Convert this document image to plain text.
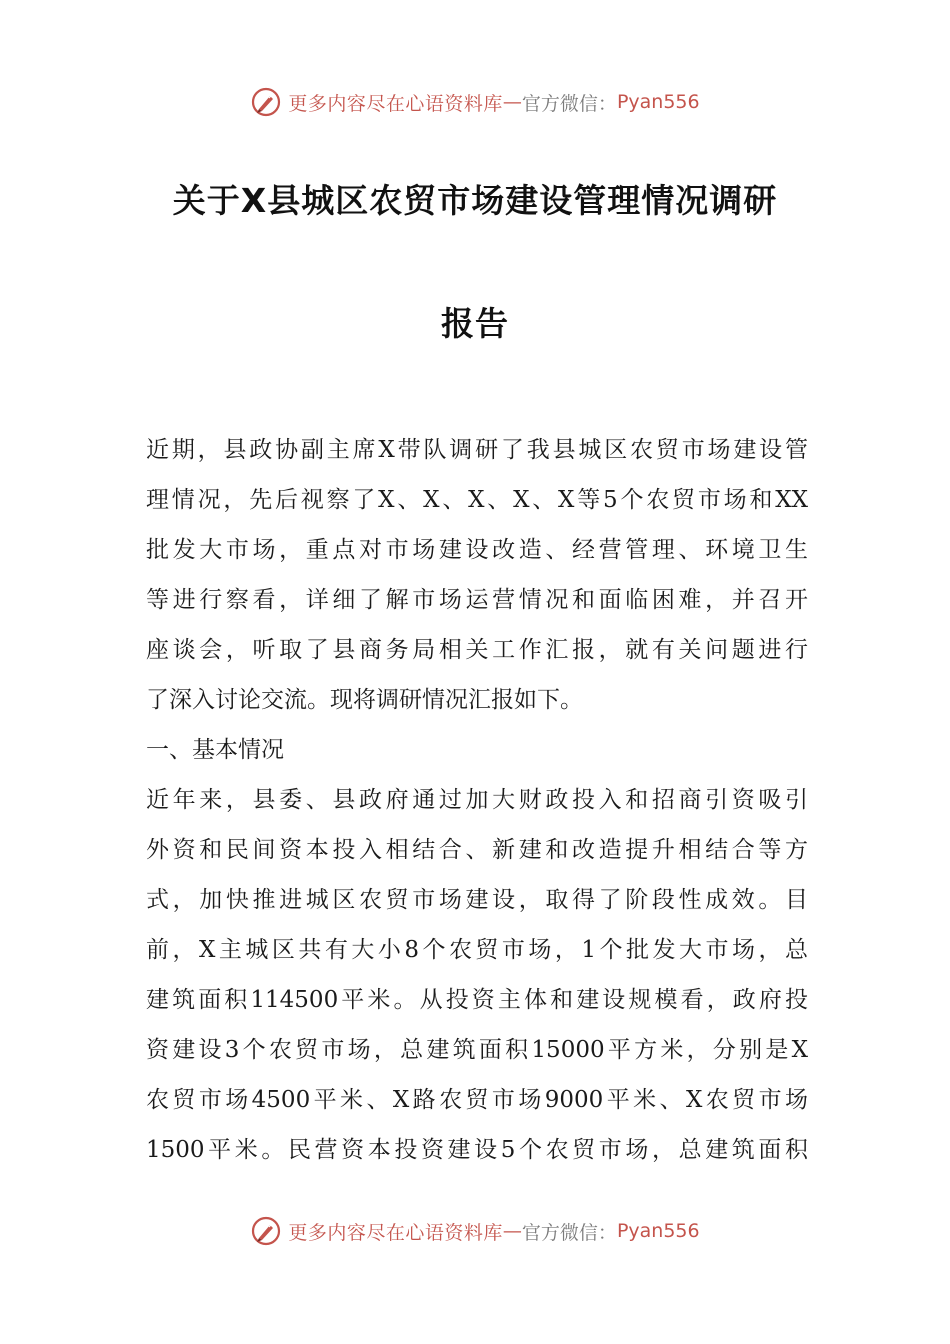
更多内容尽在心语资料库 — 官方微信： Pyan556
关于X县城区农贸市场建设管理情况调研
报告
近期，县政协副主席X带队调研了我县城区农贸市场建设管
理情况，先后视察了X、X、X、X、X等5个农贸市场和XX
批发大市场，重点对市场建设改造、经营管理、环境卫生
等进行察看，详细了解市场运营情况和面临困难，并召开
座谈会，听取了县商务局相关工作汇报，就有关问题进行
了深入讨论交流。现将调研情况汇报如下。
一、基本情况
近年来，县委、县政府通过加大财政投入和招商引资吸引
外资和民间资本投入相结合、新建和改造提升相结合等方
式，加快推进城区农贸市场建设，取得了阶段性成效。目
前，X主城区共有大小8个农贸市场，1个批发大市场，总
建筑面积114500平米。从投资主体和建设规模看，政府投
资建设3个农贸市场，总建筑面积15000平方米，分别是X
农贸市场4500平米、X路农贸市场9000平米、X农贸市场
1500平米。民营资本投资建设5个农贸市场，总建筑面积
更多内容尽在心语资料库 — 官方微信： Pyan556
